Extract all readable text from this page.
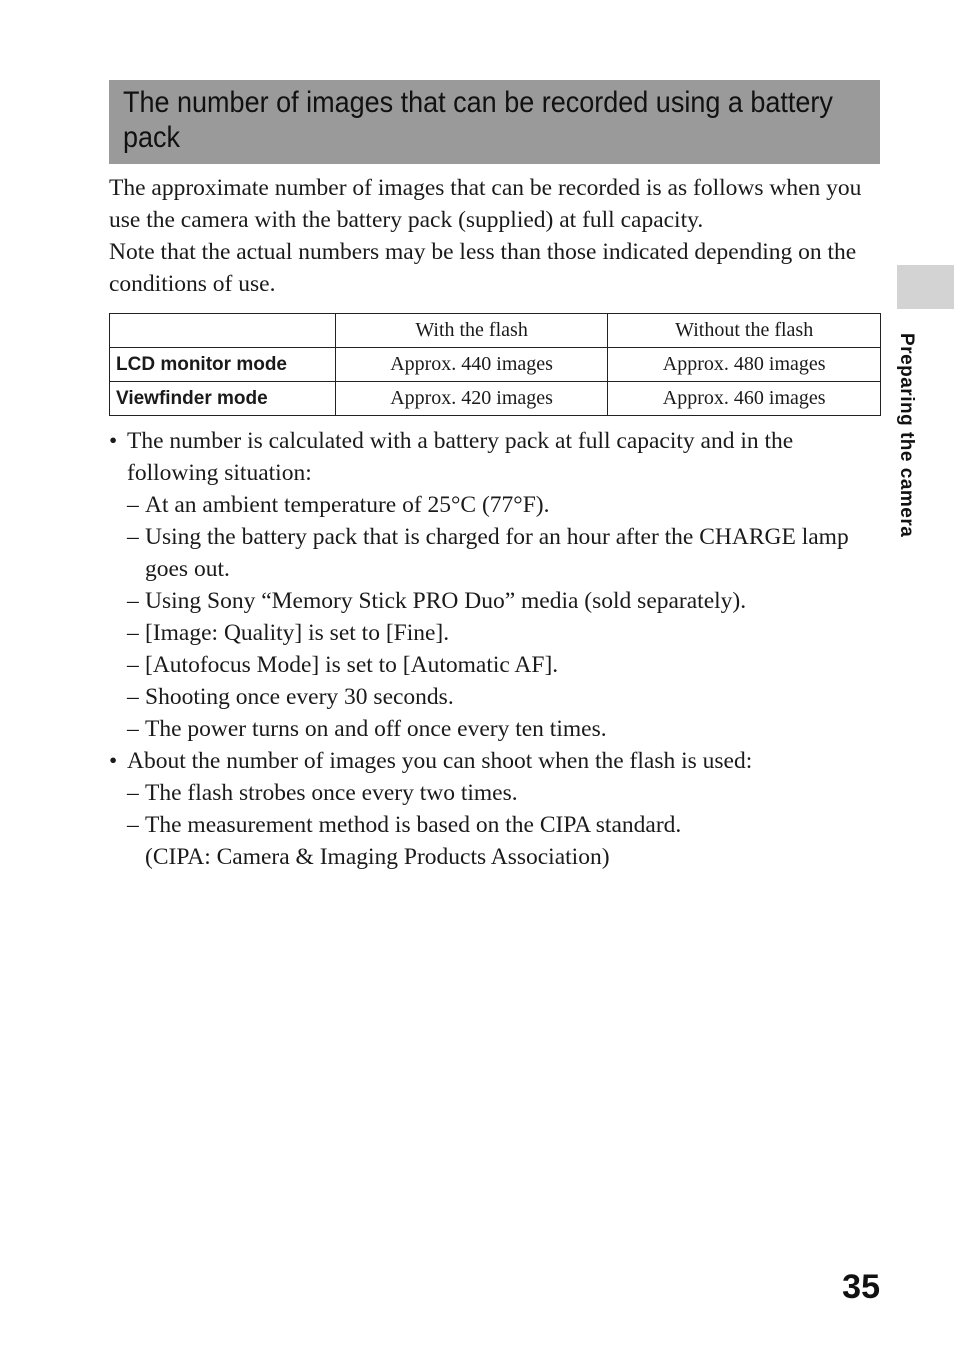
The number of images that can be recorded using a battery pack

The approximate number of images that can be recorded is as follows when you use the camera with the battery pack (supplied) at full capacity.

Note that the actual numbers may be less than those indicated depending on the conditions of use.

	With the flash	Without the flash
LCD monitor mode	Approx. 440 images	Approx. 480 images
Viewfinder mode	Approx. 420 images	Approx. 460 images
• The number is calculated with a battery pack at full capacity and in the following situation:
– At an ambient temperature of 25°C (77°F).
– Using the battery pack that is charged for an hour after the CHARGE lamp goes out.
– Using Sony “Memory Stick PRO Duo” media (sold separately).
– [Image: Quality] is set to [Fine].
– [Autofocus Mode] is set to [Automatic AF].
– Shooting once every 30 seconds.
– The power turns on and off once every ten times.
• About the number of images you can shoot when the flash is used:
– The flash strobes once every two times.
– The measurement method is based on the CIPA standard.
(CIPA: Camera & Imaging Products Association)
Preparing the camera
35
